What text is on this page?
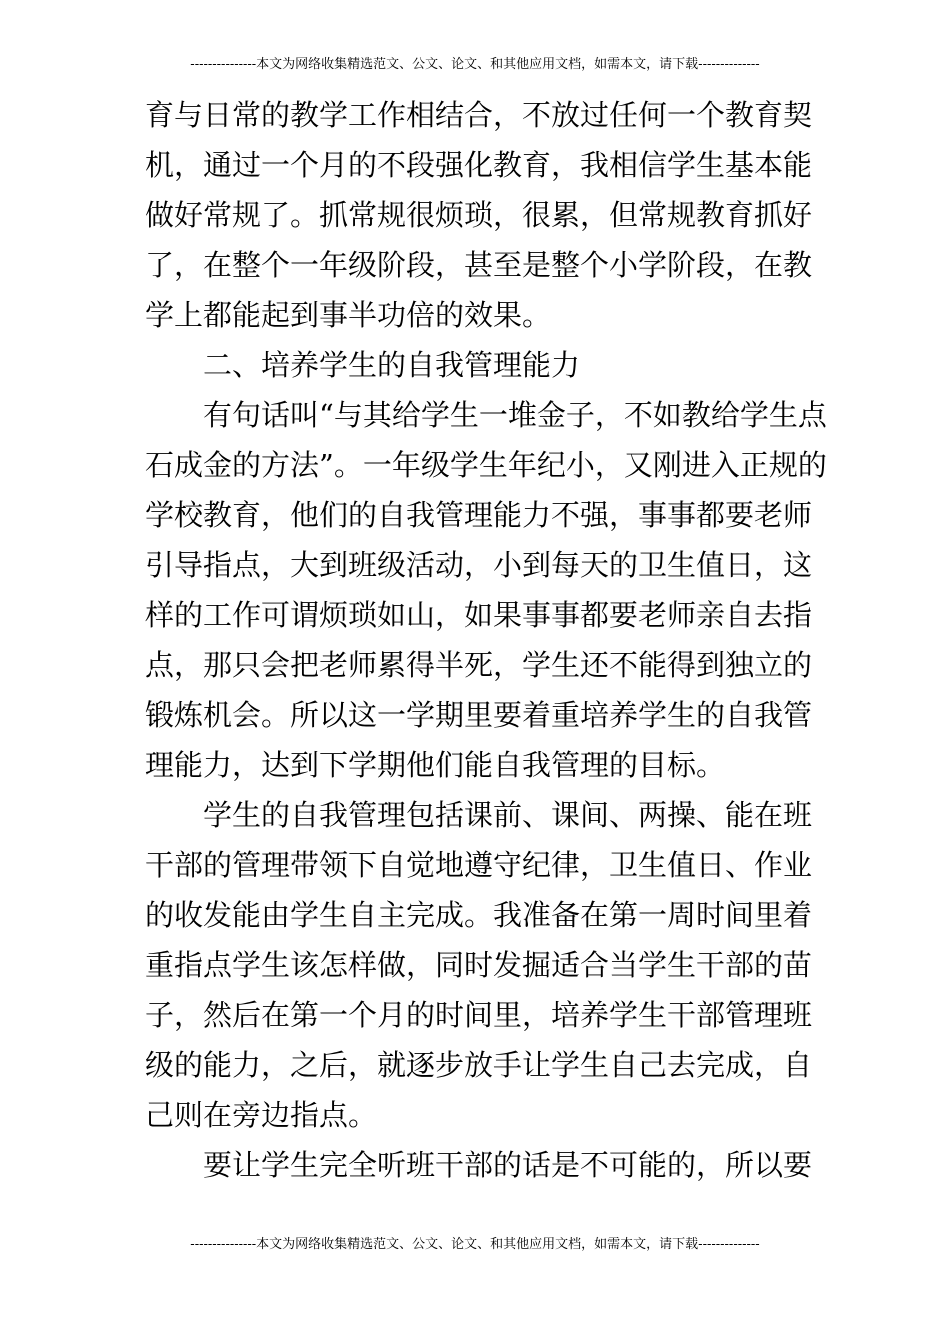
---------------本文为网络收集精选范文、公文、论文、和其他应用文档，如需本文，请下载--------------
育与日常的教学工作相结合，不放过任何一个教育契
机，通过一个月的不段强化教育，我相信学生基本能
做好常规了。抓常规很烦琐，很累，但常规教育抓好
了，在整个一年级阶段，甚至是整个小学阶段，在教
学上都能起到事半功倍的效果。
二、培养学生的自我管理能力
有句话叫“与其给学生一堆金子，不如教给学生点
石成金的方法”。一年级学生年纪小，又刚进入正规的
学校教育，他们的自我管理能力不强，事事都要老师
引导指点，大到班级活动，小到每天的卫生值日，这
样的工作可谓烦琐如山，如果事事都要老师亲自去指
点，那只会把老师累得半死，学生还不能得到独立的
锻炼机会。所以这一学期里要着重培养学生的自我管
理能力，达到下学期他们能自我管理的目标。
学生的自我管理包括课前、课间、两操、能在班
干部的管理带领下自觉地遵守纪律，卫生值日、作业
的收发能由学生自主完成。我准备在第一周时间里着
重指点学生该怎样做，同时发掘适合当学生干部的苗
子，然后在第一个月的时间里，培养学生干部管理班
级的能力，之后，就逐步放手让学生自己去完成，自
己则在旁边指点。
要让学生完全听班干部的话是不可能的，所以要
---------------本文为网络收集精选范文、公文、论文、和其他应用文档，如需本文，请下载--------------
